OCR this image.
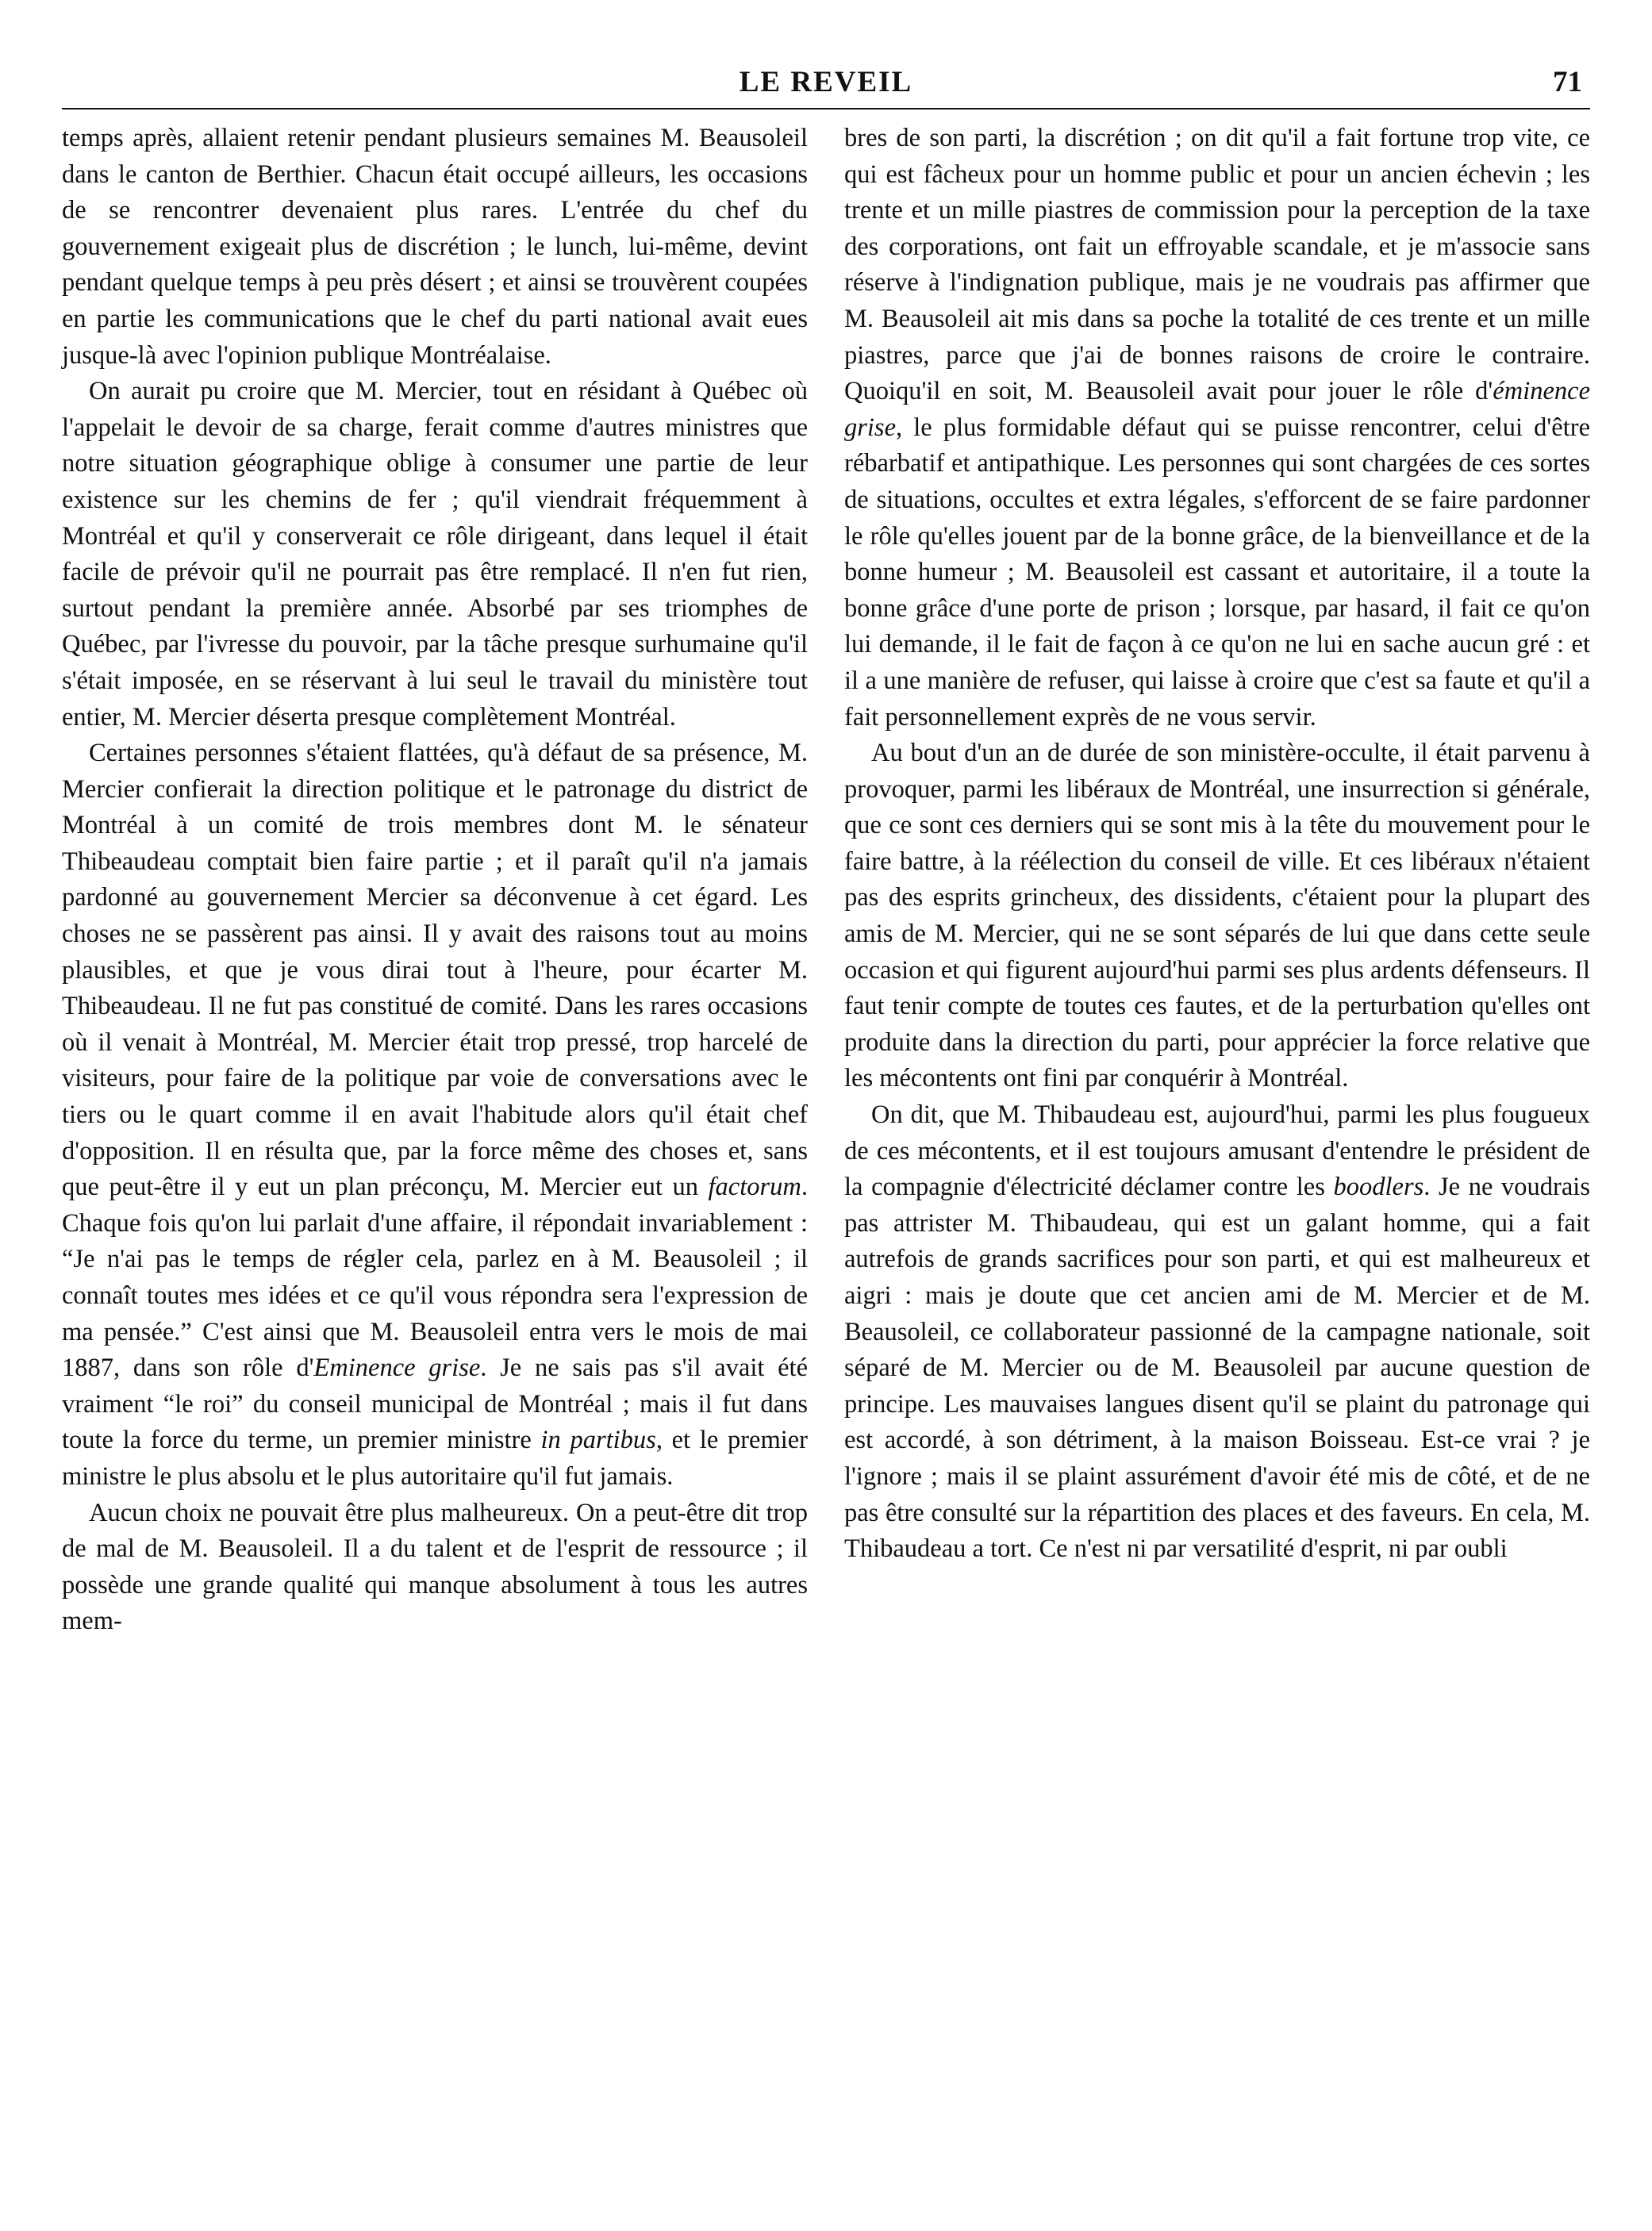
LE REVEIL	71

temps après, allaient retenir pendant plusieurs semaines M. Beausoleil dans le canton de Berthier. Chacun était occupé ailleurs, les occasions de se rencontrer devenaient plus rares. L'entrée du chef du gouvernement exigeait plus de discrétion ; le lunch, lui-même, devint pendant quelque temps à peu près désert ; et ainsi se trouvèrent coupées en partie les communications que le chef du parti national avait eues jusque-là avec l'opinion publique Montréalaise.

On aurait pu croire que M. Mercier, tout en résidant à Québec où l'appelait le devoir de sa charge, ferait comme d'autres ministres que notre situation géographique oblige à consumer une partie de leur existence sur les chemins de fer ; qu'il viendrait fréquemment à Montréal et qu'il y conserverait ce rôle dirigeant, dans lequel il était facile de prévoir qu'il ne pourrait pas être remplacé. Il n'en fut rien, surtout pendant la première année. Absorbé par ses triomphes de Québec, par l'ivresse du pouvoir, par la tâche presque surhumaine qu'il s'était imposée, en se réservant à lui seul le travail du ministère tout entier, M. Mercier déserta presque complètement Montréal.

Certaines personnes s'étaient flattées, qu'à défaut de sa présence, M. Mercier confierait la direction politique et le patronage du district de Montréal à un comité de trois membres dont M. le sénateur Thibeaudeau comptait bien faire partie ; et il paraît qu'il n'a jamais pardonné au gouvernement Mercier sa déconvenue à cet égard. Les choses ne se passèrent pas ainsi. Il y avait des raisons tout au moins plausibles, et que je vous dirai tout à l'heure, pour écarter M. Thibeaudeau. Il ne fut pas constitué de comité. Dans les rares occasions où il venait à Montréal, M. Mercier était trop pressé, trop harcelé de visiteurs, pour faire de la politique par voie de conversations avec le tiers ou le quart comme il en avait l'habitude alors qu'il était chef d'opposition. Il en résulta que, par la force même des choses et, sans que peut-être il y eut un plan préconçu, M. Mercier eut un factorum. Chaque fois qu'on lui parlait d'une affaire, il répondait invariablement : “Je n'ai pas le temps de régler cela, parlez en à M. Beausoleil ; il connaît toutes mes idées et ce qu'il vous répondra sera l'expression de ma pensée.” C'est ainsi que M. Beausoleil entra vers le mois de mai 1887, dans son rôle d'Eminence grise. Je ne sais pas s'il avait été vraiment “le roi” du conseil municipal de Montréal ; mais il fut dans toute la force du terme, un premier ministre in partibus, et le premier ministre le plus absolu et le plus autoritaire qu'il fut jamais.

Aucun choix ne pouvait être plus malheureux. On a peut-être dit trop de mal de M. Beausoleil. Il a du talent et de l'esprit de ressource ; il possède une grande qualité qui manque absolument à tous les autres mem-

bres de son parti, la discrétion ; on dit qu'il a fait fortune trop vite, ce qui est fâcheux pour un homme public et pour un ancien échevin ; les trente et un mille piastres de commission pour la perception de la taxe des corporations, ont fait un effroyable scandale, et je m'associe sans réserve à l'indignation publique, mais je ne voudrais pas affirmer que M. Beausoleil ait mis dans sa poche la totalité de ces trente et un mille piastres, parce que j'ai de bonnes raisons de croire le contraire. Quoiqu'il en soit, M. Beausoleil avait pour jouer le rôle d'éminence grise, le plus formidable défaut qui se puisse rencontrer, celui d'être rébarbatif et antipathique. Les personnes qui sont chargées de ces sortes de situations, occultes et extra légales, s'efforcent de se faire pardonner le rôle qu'elles jouent par de la bonne grâce, de la bienveillance et de la bonne humeur ; M. Beausoleil est cassant et autoritaire, il a toute la bonne grâce d'une porte de prison ; lorsque, par hasard, il fait ce qu'on lui demande, il le fait de façon à ce qu'on ne lui en sache aucun gré : et il a une manière de refuser, qui laisse à croire que c'est sa faute et qu'il a fait personnellement exprès de ne vous servir.

Au bout d'un an de durée de son ministère-occulte, il était parvenu à provoquer, parmi les libéraux de Montréal, une insurrection si générale, que ce sont ces derniers qui se sont mis à la tête du mouvement pour le faire battre, à la réélection du conseil de ville. Et ces libéraux n'étaient pas des esprits grincheux, des dissidents, c'étaient pour la plupart des amis de M. Mercier, qui ne se sont séparés de lui que dans cette seule occasion et qui figurent aujourd'hui parmi ses plus ardents défenseurs. Il faut tenir compte de toutes ces fautes, et de la perturbation qu'elles ont produite dans la direction du parti, pour apprécier la force relative que les mécontents ont fini par conquérir à Montréal.

On dit, que M. Thibaudeau est, aujourd'hui, parmi les plus fougueux de ces mécontents, et il est toujours amusant d'entendre le président de la compagnie d'électricité déclamer contre les boodlers. Je ne voudrais pas attrister M. Thibaudeau, qui est un galant homme, qui a fait autrefois de grands sacrifices pour son parti, et qui est malheureux et aigri : mais je doute que cet ancien ami de M. Mercier et de M. Beausoleil, ce collaborateur passionné de la campagne nationale, soit séparé de M. Mercier ou de M. Beausoleil par aucune question de principe. Les mauvaises langues disent qu'il se plaint du patronage qui est accordé, à son détriment, à la maison Boisseau. Est-ce vrai ? je l'ignore ; mais il se plaint assurément d'avoir été mis de côté, et de ne pas être consulté sur la répartition des places et des faveurs. En cela, M. Thibaudeau a tort. Ce n'est ni par versatilité d'esprit, ni par oubli
